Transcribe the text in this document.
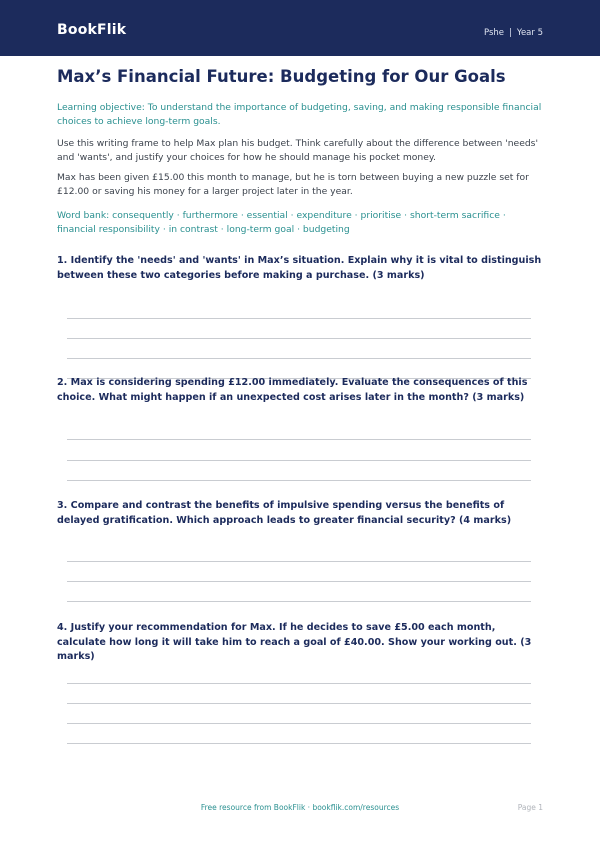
BookFlik	Pshe | Year 5
Max’s Financial Future: Budgeting for Our Goals

Learning objective: To understand the importance of budgeting, saving, and making responsible financial choices to achieve long-term goals.

Use this writing frame to help Max plan his budget. Think carefully about the difference between 'needs' and 'wants', and justify your choices for how he should manage his pocket money.

Max has been given £15.00 this month to manage, but he is torn between buying a new puzzle set for £12.00 or saving his money for a larger project later in the year.

Word bank: consequently · furthermore · essential · expenditure · prioritise · short-term sacrifice · financial responsibility · in contrast · long-term goal · budgeting

1. Identify the 'needs' and 'wants' in Max’s situation. Explain why it is vital to distinguish between these two categories before making a purchase. (3 marks)

2. Max is considering spending £12.00 immediately. Evaluate the consequences of this choice. What might happen if an unexpected cost arises later in the month? (3 marks)

3. Compare and contrast the benefits of impulsive spending versus the benefits of delayed gratification. Which approach leads to greater financial security? (4 marks)

4. Justify your recommendation for Max. If he decides to save £5.00 each month, calculate how long it will take him to reach a goal of £40.00. Show your working out. (3 marks)

Free resource from BookFlik · bookflik.com/resources	Page 1
